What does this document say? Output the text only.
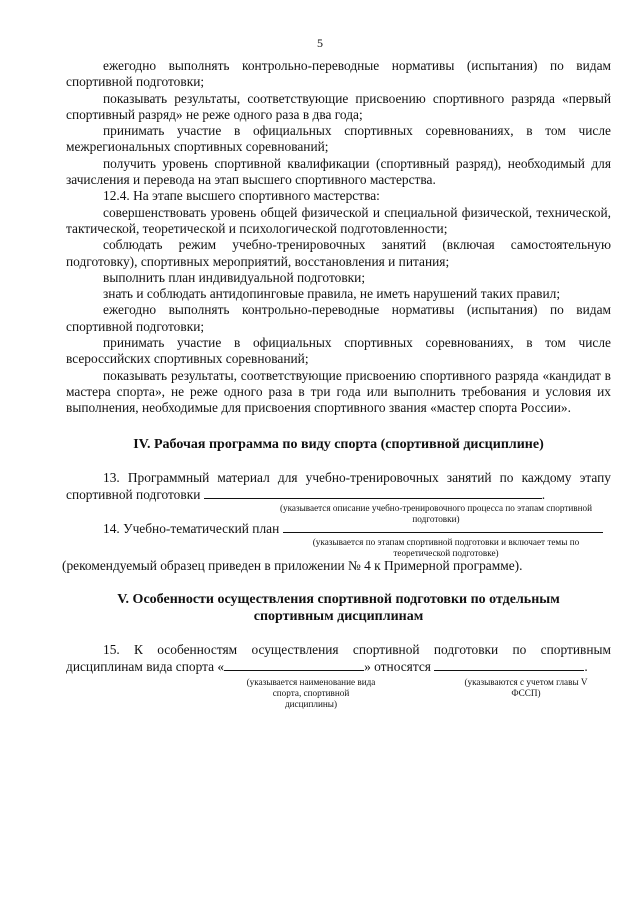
5

ежегодно выполнять контрольно-переводные нормативы (испытания) по видам спортивной подготовки;

показывать результаты, соответствующие присвоению спортивного разряда «первый спортивный разряд» не реже одного раза в два года;

принимать участие в официальных спортивных соревнованиях, в том числе межрегиональных спортивных соревнований;

получить уровень спортивной квалификации (спортивный разряд), необходимый для зачисления и перевода на этап высшего спортивного мастерства.

12.4. На этапе высшего спортивного мастерства:

совершенствовать уровень общей физической и специальной физической, технической, тактической, теоретической и психологической подготовленности;

соблюдать режим учебно-тренировочных занятий (включая самостоятельную подготовку), спортивных мероприятий, восстановления и питания;

выполнить план индивидуальной подготовки;

знать и соблюдать антидопинговые правила, не иметь нарушений таких правил;

ежегодно выполнять контрольно-переводные нормативы (испытания) по видам спортивной подготовки;

принимать участие в официальных спортивных соревнованиях, в том числе всероссийских спортивных соревнований;

показывать результаты, соответствующие присвоению спортивного разряда «кандидат в мастера спорта», не реже одного раза в три года или выполнить требования и условия их выполнения, необходимые для присвоения спортивного звания «мастер спорта России».

IV. Рабочая программа по виду спорта (спортивной дисциплине)

13. Программный материал для учебно-тренировочных занятий по каждому этапу спортивной подготовки	.

(указывается описание учебно-тренировочного процесса по этапам спортивной подготовки)

14. Учебно-тематический план

(указывается по этапам спортивной подготовки и включает темы по теоретической подготовке)

(рекомендуемый образец приведен в приложении № 4 к Примерной программе).

V. Особенности осуществления спортивной подготовки по отдельным

спортивным дисциплинам

15. К особенностям осуществления спортивной подготовки по спортивным дисциплинам вида спорта «	» относятся	.

(указывается наименование вида спорта, спортивной дисциплины)
(указываются с учетом главы V ФССП)
